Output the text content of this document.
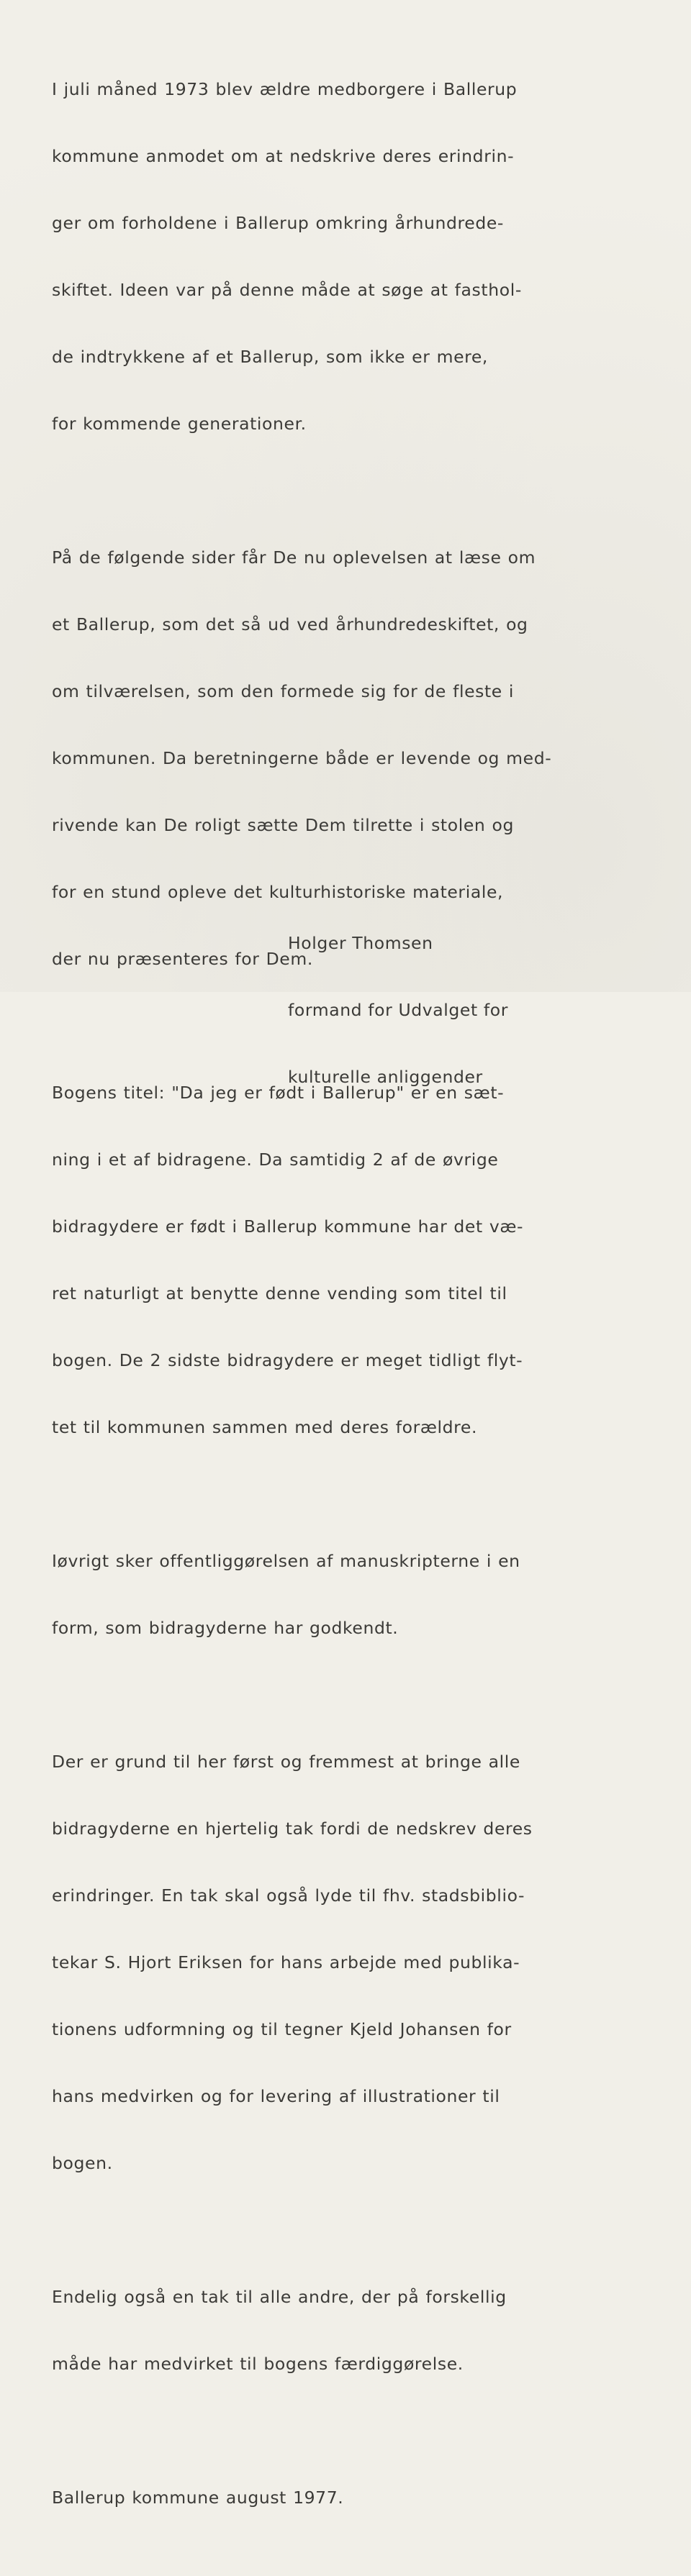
I juli måned 1973 blev ældre medborgere i Ballerup

kommune anmodet om at nedskrive deres erindrin-

ger om forholdene i Ballerup omkring århundrede-

skiftet. Ideen var på denne måde at søge at fasthol-

de indtrykkene af et Ballerup, som ikke er mere,

for kommende generationer.

På de følgende sider får De nu oplevelsen at læse om

et Ballerup, som det så ud ved århundredeskiftet, og

om tilværelsen, som den formede sig for de fleste i

kommunen. Da beretningerne både er levende og med-

rivende kan De roligt sætte Dem tilrette i stolen og

for en stund opleve det kulturhistoriske materiale,

der nu præsenteres for Dem.

Bogens titel: "Da jeg er født i Ballerup" er en sæt-

ning i et af bidragene. Da samtidig 2 af de øvrige

bidragydere er født i Ballerup kommune har det væ-

ret naturligt at benytte denne vending som titel til

bogen. De 2 sidste bidragydere er meget tidligt flyt-

tet til kommunen sammen med deres forældre.

Iøvrigt sker offentliggørelsen af manuskripterne i en

form, som bidragyderne har godkendt.

Der er grund til her først og fremmest at bringe alle

bidragyderne en hjertelig tak fordi de nedskrev deres

erindringer. En tak skal også lyde til fhv. stadsbiblio-

tekar S. Hjort Eriksen for hans arbejde med publika-

tionens udformning og til tegner Kjeld Johansen for

hans medvirken og for levering af illustrationer til

bogen.

Endelig også en tak til alle andre, der på forskellig

måde har medvirket til bogens færdiggørelse.

Ballerup kommune august 1977.

Holger Thomsen

formand for Udvalget for

kulturelle anliggender
